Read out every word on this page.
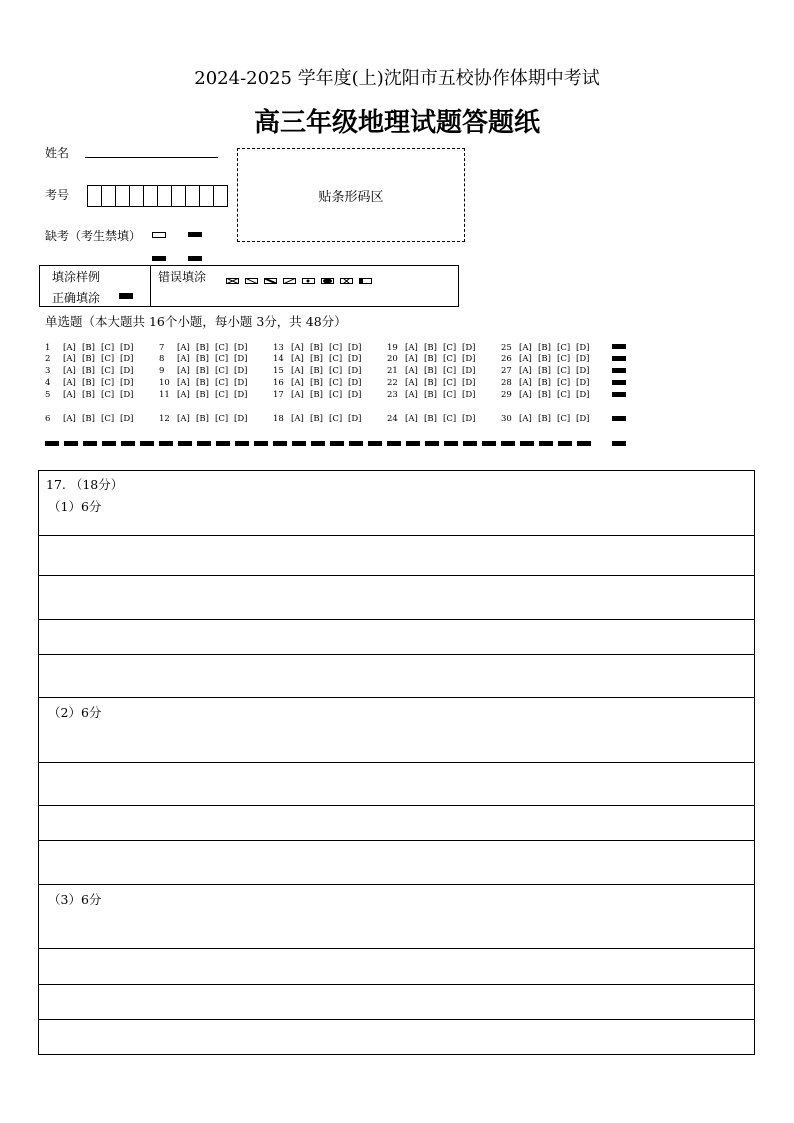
2024-2025 学年度(上)沈阳市五校协作体期中考试
高三年级地理试题答题纸
姓名
考号	贴条形码区
缺考（考生禁填）
填涂样例
正确填涂
错误填涂
单选题（本大题共 16个小题，每小题 3分，共 48分）
1 [A] [B] [C] [D]
2 [A] [B] [C] [D]
3 [A] [B] [C] [D]
4 [A] [B] [C] [D]
5 [A] [B] [C] [D]
6 [A] [B] [C] [D]
7 [A] [B] [C] [D]
8 [A] [B] [C] [D]
9 [A] [B] [C] [D]
10 [A] [B] [C] [D]
11 [A] [B] [C] [D]
12 [A] [B] [C] [D]
13 [A] [B] [C] [D]
14 [A] [B] [C] [D]
15 [A] [B] [C] [D]
16 [A] [B] [C] [D]
17 [A] [B] [C] [D]
18 [A] [B] [C] [D]
19 [A] [B] [C] [D]
20 [A] [B] [C] [D]
21 [A] [B] [C] [D]
22 [A] [B] [C] [D]
23 [A] [B] [C] [D]
24 [A] [B] [C] [D]
25 [A] [B] [C] [D]
26 [A] [B] [C] [D]
27 [A] [B] [C] [D]
28 [A] [B] [C] [D]
29 [A] [B] [C] [D]
30 [A] [B] [C] [D]
17. （18分）
（1）6分
（2）6分
（3）6分
